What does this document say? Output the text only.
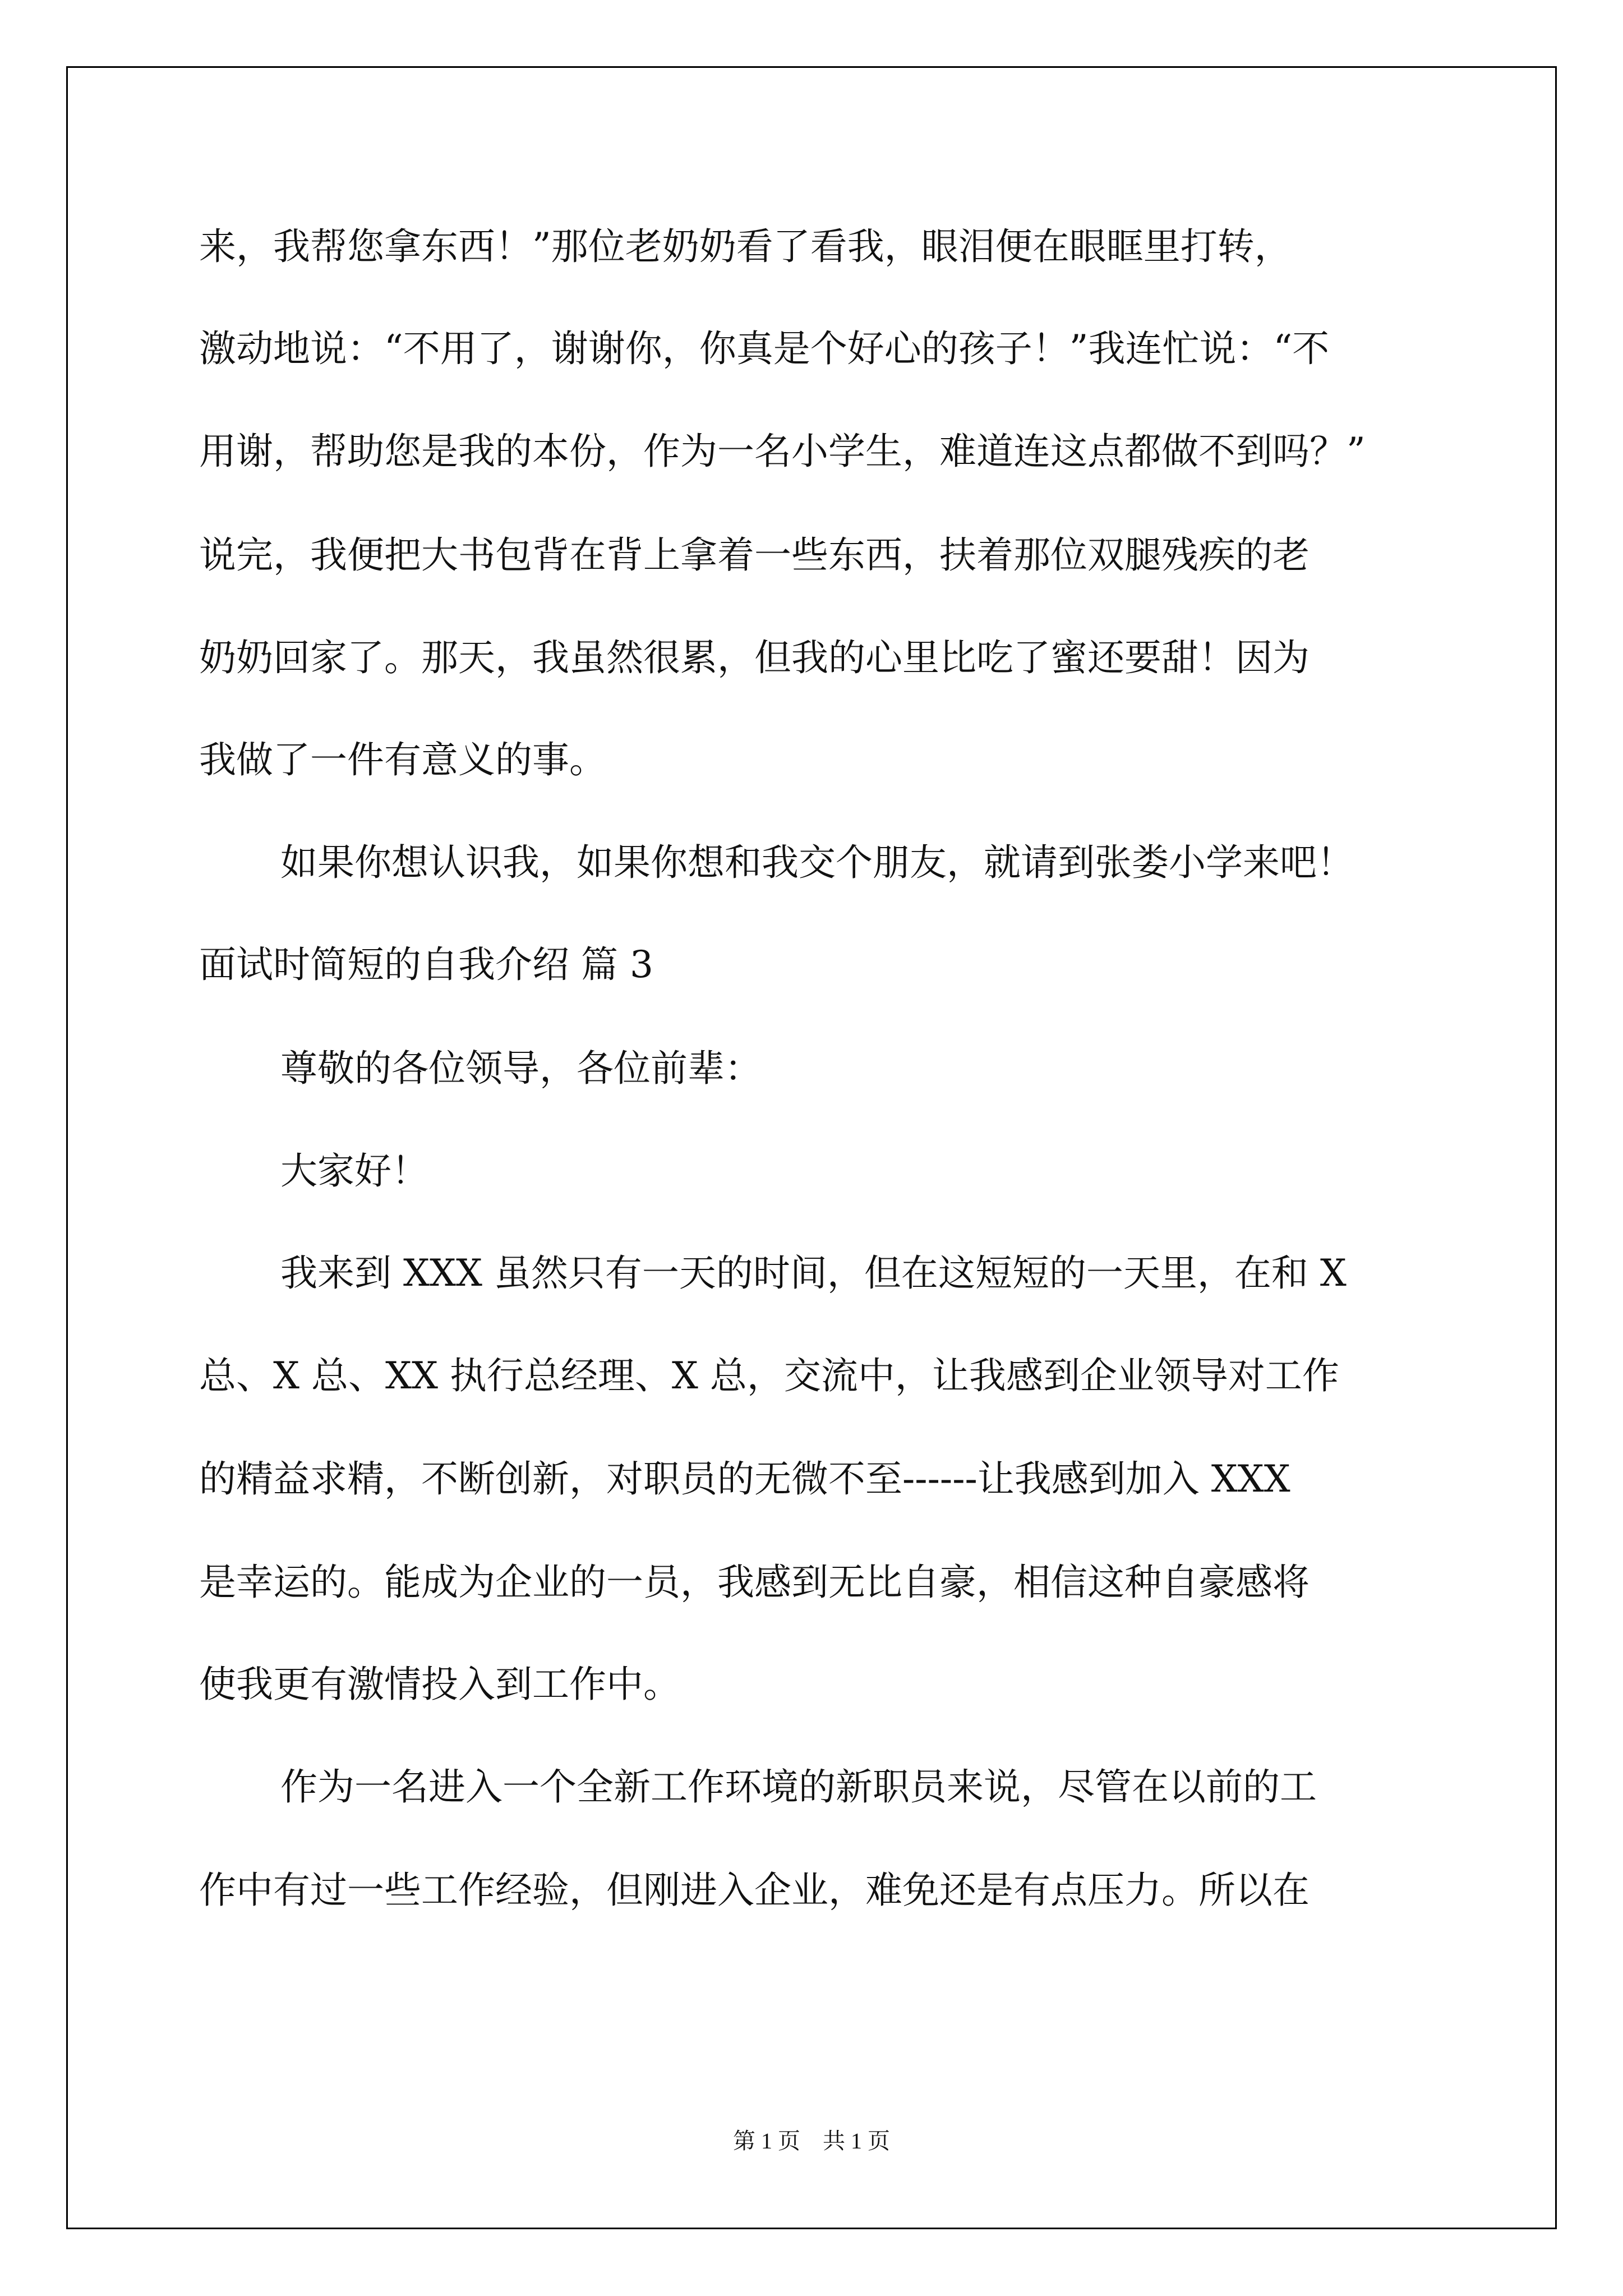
来，我帮您拿东西！”那位老奶奶看了看我，眼泪便在眼眶里打转，
激动地说：“不用了，谢谢你，你真是个好心的孩子！”我连忙说：“不
用谢，帮助您是我的本份，作为一名小学生，难道连这点都做不到吗？”
说完，我便把大书包背在背上拿着一些东西，扶着那位双腿残疾的老
奶奶回家了。那天，我虽然很累，但我的心里比吃了蜜还要甜！因为
我做了一件有意义的事。
如果你想认识我，如果你想和我交个朋友，就请到张娄小学来吧！
面试时简短的自我介绍 篇 3
尊敬的各位领导，各位前辈：
大家好！
我来到 XXX 虽然只有一天的时间，但在这短短的一天里，在和 X
总、X 总、XX 执行总经理、X 总，交流中，让我感到企业领导对工作
的精益求精，不断创新，对职员的无微不至------让我感到加入 XXX
是幸运的。能成为企业的一员，我感到无比自豪，相信这种自豪感将
使我更有激情投入到工作中。
作为一名进入一个全新工作环境的新职员来说，尽管在以前的工
作中有过一些工作经验，但刚进入企业，难免还是有点压力。所以在
第 1 页　共 1 页
